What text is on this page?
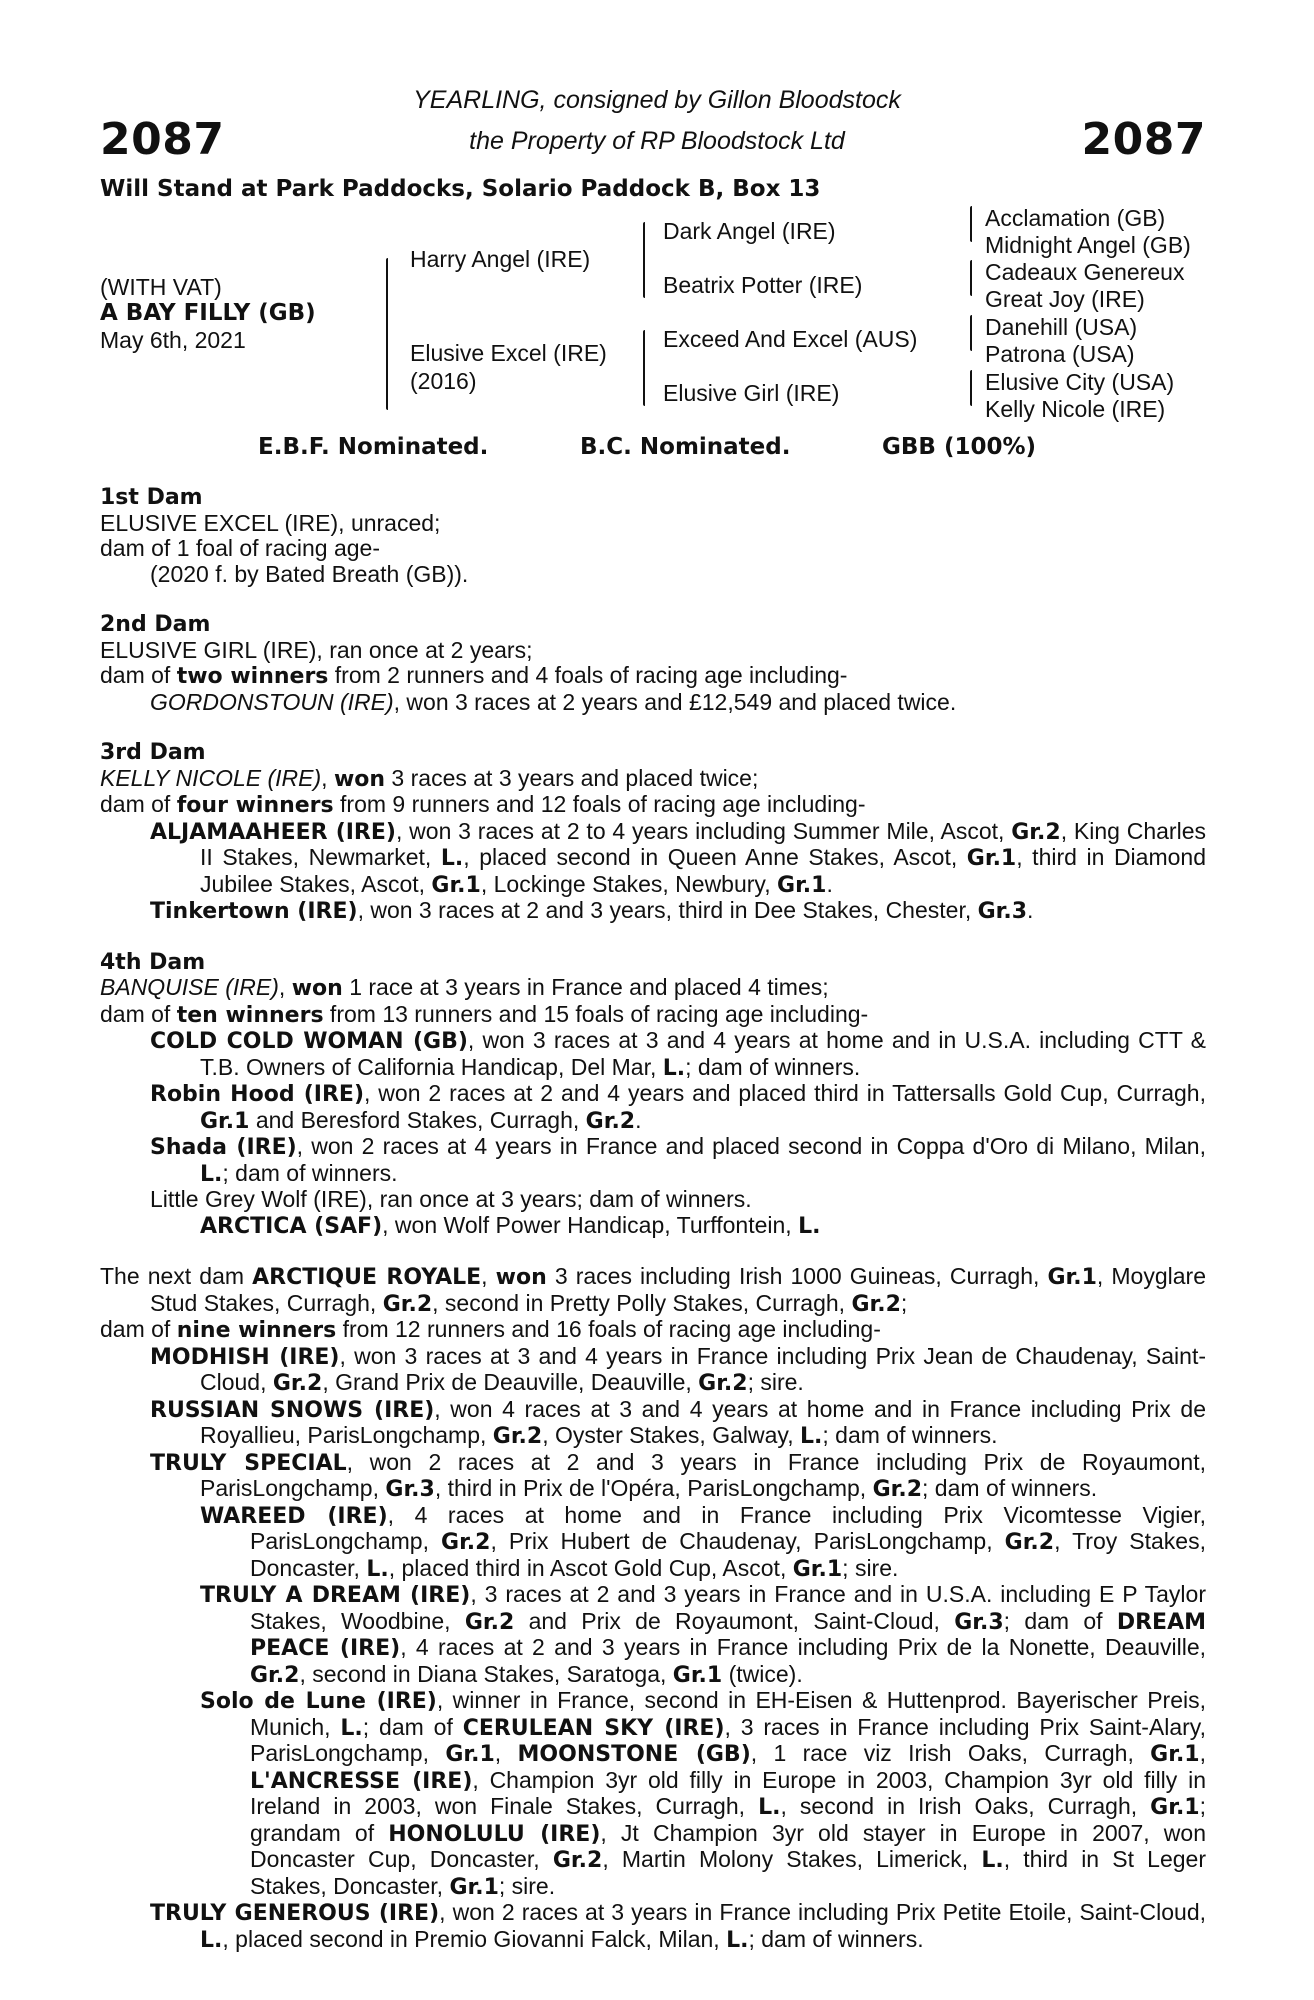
2087	2087
YEARLING, consigned by Gillon Bloodstock
the Property of RP Bloodstock Ltd
Will Stand at Park Paddocks, Solario Paddock B, Box 13
(WITH VAT)
A BAY FILLY (GB)
May 6th, 2021
Harry Angel (IRE)
Elusive Excel (IRE)
(2016)
Dark Angel (IRE)
Beatrix Potter (IRE)
Exceed And Excel (AUS)
Elusive Girl (IRE)
Acclamation (GB)
Midnight Angel (GB)
Cadeaux Genereux
Great Joy (IRE)
Danehill (USA)
Patrona (USA)
Elusive City (USA)
Kelly Nicole (IRE)
E.B.F. Nominated.	B.C. Nominated.	GBB (100%)

1st Dam

ELUSIVE EXCEL (IRE), unraced;

dam of 1 foal of racing age-

(2020 f. by Bated Breath (GB)).

2nd Dam

ELUSIVE GIRL (IRE), ran once at 2 years;

dam of two winners from 2 runners and 4 foals of racing age including-

GORDONSTOUN (IRE), won 3 races at 2 years and £12,549 and placed twice.

3rd Dam

KELLY NICOLE (IRE), won 3 races at 3 years and placed twice;

dam of four winners from 9 runners and 12 foals of racing age including-

ALJAMAAHEER (IRE), won 3 races at 2 to 4 years including Summer Mile, Ascot, Gr.2, King Charles II Stakes, Newmarket, L., placed second in Queen Anne Stakes, Ascot, Gr.1, third in Diamond Jubilee Stakes, Ascot, Gr.1, Lockinge Stakes, Newbury, Gr.1.

Tinkertown (IRE), won 3 races at 2 and 3 years, third in Dee Stakes, Chester, Gr.3.

4th Dam

BANQUISE (IRE), won 1 race at 3 years in France and placed 4 times;

dam of ten winners from 13 runners and 15 foals of racing age including-

COLD COLD WOMAN (GB), won 3 races at 3 and 4 years at home and in U.S.A. including CTT & T.B. Owners of California Handicap, Del Mar, L.; dam of winners.

Robin Hood (IRE), won 2 races at 2 and 4 years and placed third in Tattersalls Gold Cup, Curragh, Gr.1 and Beresford Stakes, Curragh, Gr.2.

Shada (IRE), won 2 races at 4 years in France and placed second in Coppa d'Oro di Milano, Milan, L.; dam of winners.

Little Grey Wolf (IRE), ran once at 3 years; dam of winners.

ARCTICA (SAF), won Wolf Power Handicap, Turffontein, L.

The next dam ARCTIQUE ROYALE, won 3 races including Irish 1000 Guineas, Curragh, Gr.1, Moyglare Stud Stakes, Curragh, Gr.2, second in Pretty Polly Stakes, Curragh, Gr.2;

dam of nine winners from 12 runners and 16 foals of racing age including-

MODHISH (IRE), won 3 races at 3 and 4 years in France including Prix Jean de Chaudenay, Saint-Cloud, Gr.2, Grand Prix de Deauville, Deauville, Gr.2; sire.

RUSSIAN SNOWS (IRE), won 4 races at 3 and 4 years at home and in France including Prix de Royallieu, ParisLongchamp, Gr.2, Oyster Stakes, Galway, L.; dam of winners.

TRULY SPECIAL, won 2 races at 2 and 3 years in France including Prix de Royaumont, ParisLongchamp, Gr.3, third in Prix de l'Opéra, ParisLongchamp, Gr.2; dam of winners.

WAREED (IRE), 4 races at home and in France including Prix Vicomtesse Vigier, ParisLongchamp, Gr.2, Prix Hubert de Chaudenay, ParisLongchamp, Gr.2, Troy Stakes, Doncaster, L., placed third in Ascot Gold Cup, Ascot, Gr.1; sire.

TRULY A DREAM (IRE), 3 races at 2 and 3 years in France and in U.S.A. including E P Taylor Stakes, Woodbine, Gr.2 and Prix de Royaumont, Saint-Cloud, Gr.3; dam of DREAM PEACE (IRE), 4 races at 2 and 3 years in France including Prix de la Nonette, Deauville, Gr.2, second in Diana Stakes, Saratoga, Gr.1 (twice).

Solo de Lune (IRE), winner in France, second in EH-Eisen & Huttenprod. Bayerischer Preis, Munich, L.; dam of CERULEAN SKY (IRE), 3 races in France including Prix Saint-Alary, ParisLongchamp, Gr.1, MOONSTONE (GB), 1 race viz Irish Oaks, Curragh, Gr.1, L'ANCRESSE (IRE), Champion 3yr old filly in Europe in 2003, Champion 3yr old filly in Ireland in 2003, won Finale Stakes, Curragh, L., second in Irish Oaks, Curragh, Gr.1; grandam of HONOLULU (IRE), Jt Champion 3yr old stayer in Europe in 2007, won Doncaster Cup, Doncaster, Gr.2, Martin Molony Stakes, Limerick, L., third in St Leger Stakes, Doncaster, Gr.1; sire.

TRULY GENEROUS (IRE), won 2 races at 3 years in France including Prix Petite Etoile, Saint-Cloud, L., placed second in Premio Giovanni Falck, Milan, L.; dam of winners.
